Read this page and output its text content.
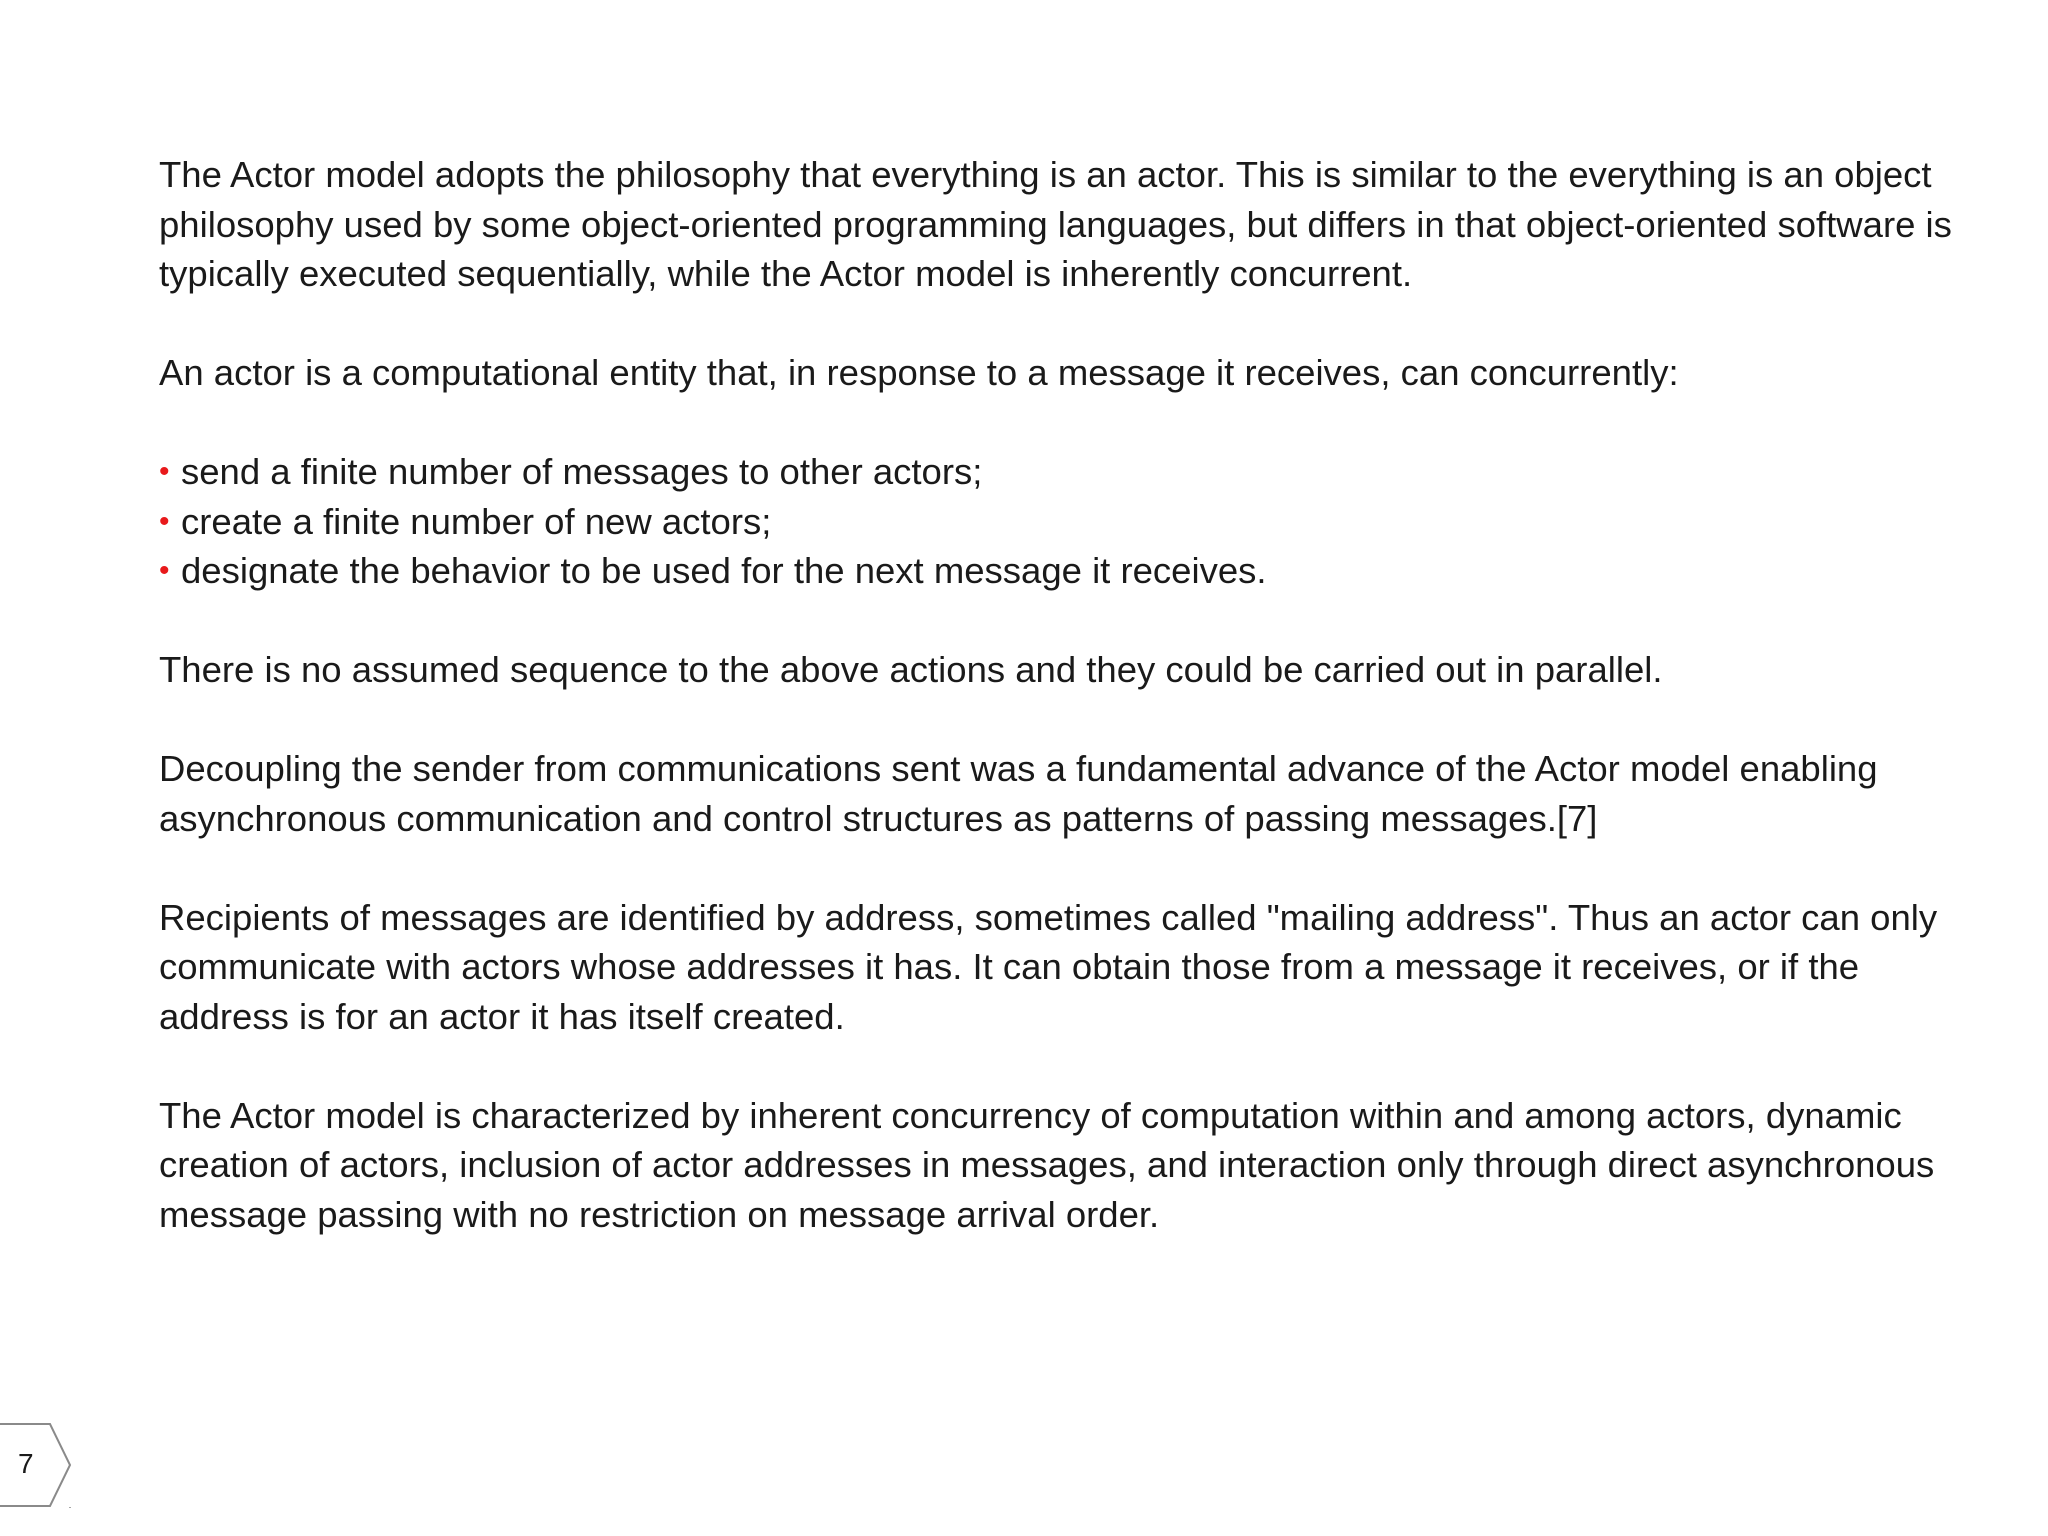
The Actor model adopts the philosophy that everything is an actor. This is similar to the everything is an object
philosophy used by some object-oriented programming languages, but differs in that object-oriented software is
typically executed sequentially, while the Actor model is inherently concurrent.

An actor is a computational entity that, in response to a message it receives, can concurrently:

• send a finite number of messages to other actors;
• create a finite number of new actors;
• designate the behavior to be used for the next message it receives.

There is no assumed sequence to the above actions and they could be carried out in parallel.

Decoupling the sender from communications sent was a fundamental advance of the Actor model enabling
asynchronous communication and control structures as patterns of passing messages.[7]

Recipients of messages are identified by address, sometimes called "mailing address". Thus an actor can only
communicate with actors whose addresses it has. It can obtain those from a message it receives, or if the
address is for an actor it has itself created.

The Actor model is characterized by inherent concurrency of computation within and among actors, dynamic
creation of actors, inclusion of actor addresses in messages, and interaction only through direct asynchronous
message passing with no restriction on message arrival order.

7
